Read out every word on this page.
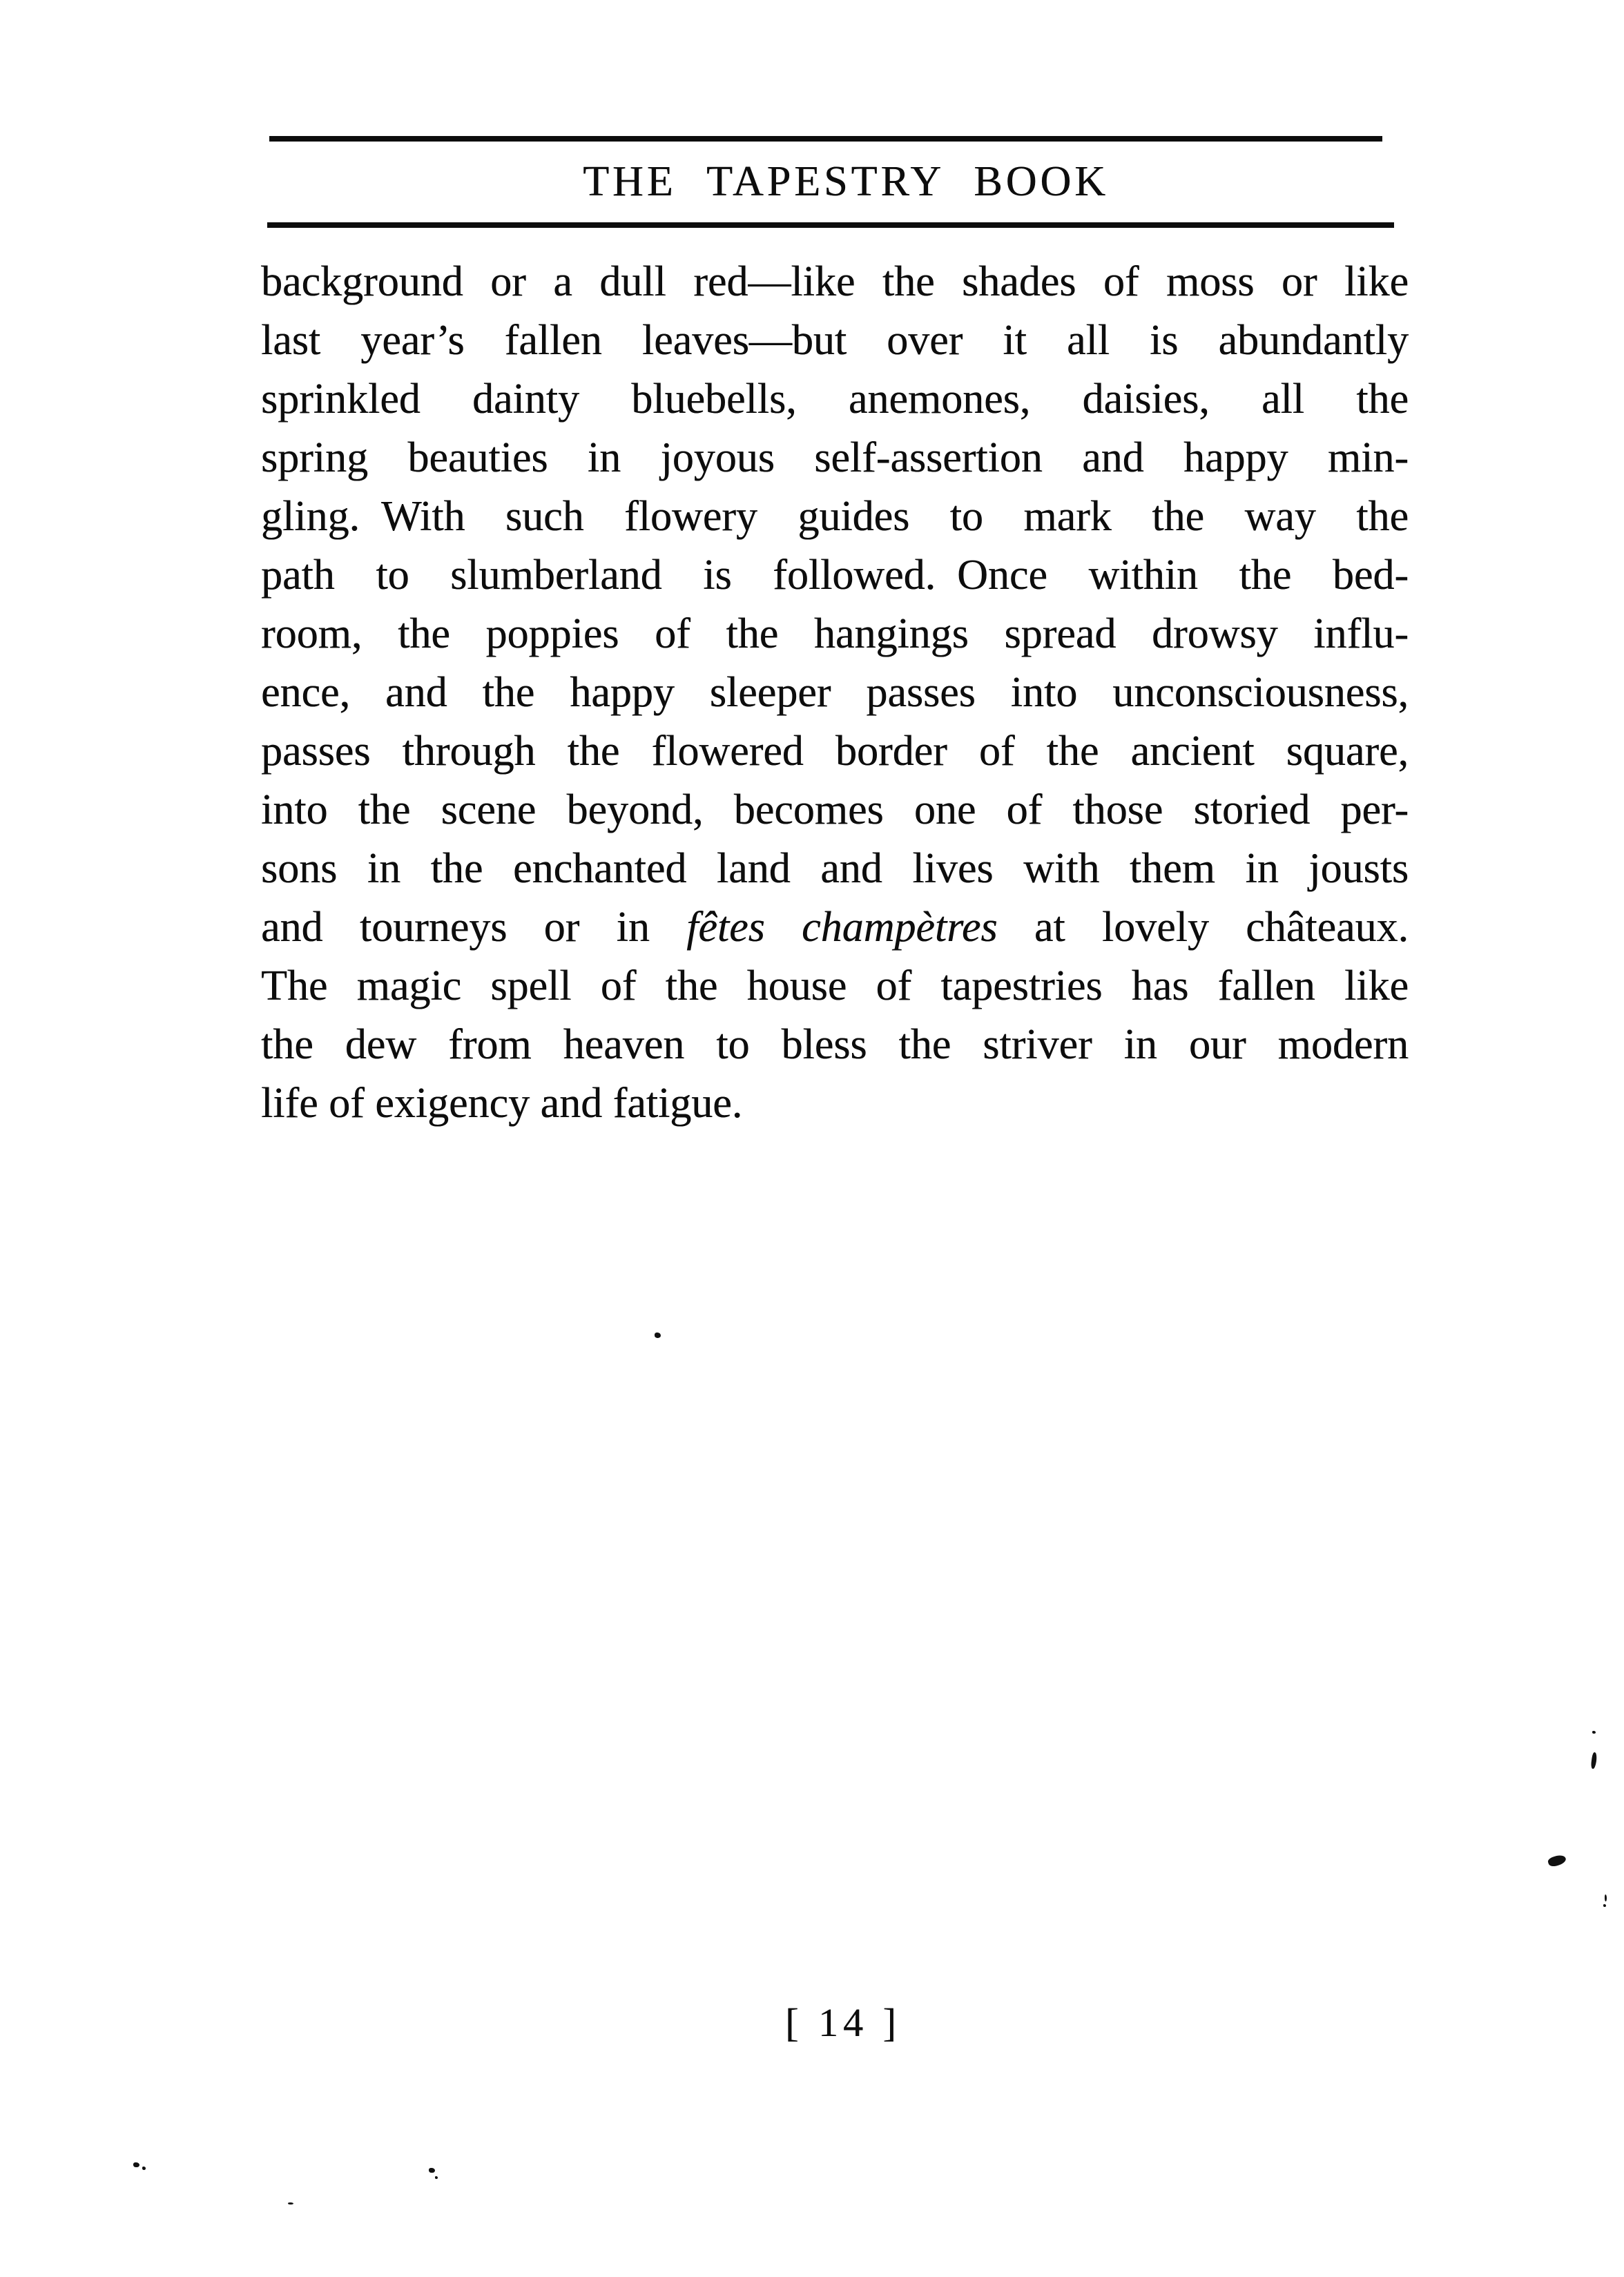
THE TAPESTRY BOOK
background or a dull red—like the shades of moss or like
last year’s fallen leaves—but over it all is abundantly
sprinkled dainty bluebells, anemones, daisies, all the
spring beauties in joyous self-assertion and happy min-
gling. With such flowery guides to mark the way the
path to slumberland is followed. Once within the bed-
room, the poppies of the hangings spread drowsy influ-
ence, and the happy sleeper passes into unconsciousness,
passes through the flowered border of the ancient square,
into the scene beyond, becomes one of those storied per-
sons in the enchanted land and lives with them in jousts
and tourneys or in fêtes champètres at lovely châteaux.
The magic spell of the house of tapestries has fallen like
the dew from heaven to bless the striver in our modern
life of exigency and fatigue.
[ 14 ]
